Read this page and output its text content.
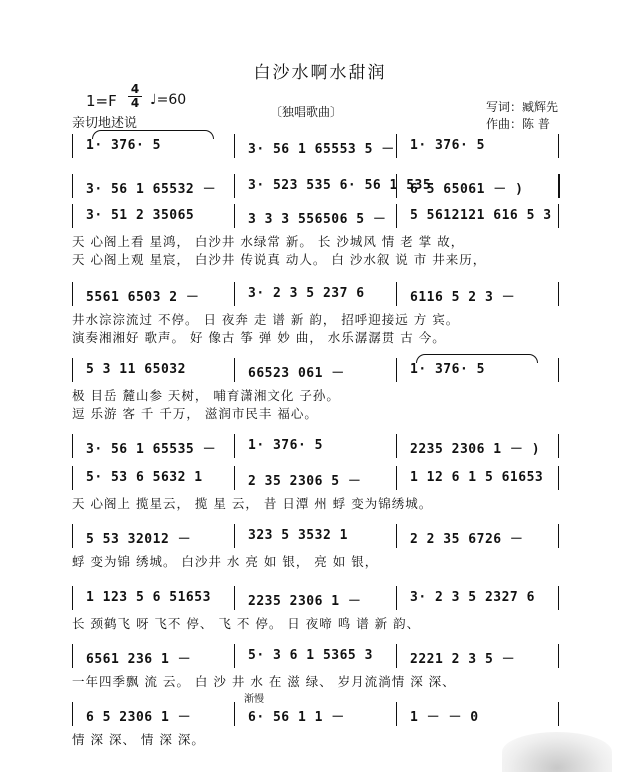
白沙水啊水甜润
1=F
4
4 ♩=60
亲切地述说
〔独唱歌曲〕	写词：臧辉先
作曲：陈 普
1· 376· 5	3· 56 1 65553 5 － 1· 376· 5
3· 56 1 65532 － 3· 523 535 6· 56 1 535
6 5 65061 － )
3· 51 2 35065	3 3 3 556506 5 － 5 5612121 616 5 3
天 心阁上看 星鸿， 白沙井 水绿常 新。 长 沙城风 情 老 掌 故，
天 心阁上观 星宸， 白沙井 传说真 动人。 白 沙水叙 说 市 井来历，
5561 6503 2 －	3· 2 3 5 237 6	6116 5 2 3 －
井水淙淙流过 不停。 日 夜奔 走 谱 新 韵， 招呼迎接远 方 宾。
演奏湘湘好 歌声。 好 像古 筝 弹 妙 曲， 水乐潺潺贯 古 今。
5 3 11 65032	66523 061 －	1· 376· 5
极 目岳 麓山参 天树， 哺育潇湘文化 子孙。
逗 乐游 客 千 千万， 滋润市民丰 福心。
3· 56 1 65535 － 1· 376· 5	2235 2306 1 － )
5· 53 6 5632 1	2 35 2306 5 －	1 12 6 1 5 61653
天 心阁上 揽星云， 揽 星 云， 昔 日潭 州 蜉 变为锦绣城。
5 53 32012 －	323 5 3532 1	2 2 35 6726 －
蜉 变为锦 绣城。 白沙井 水 亮 如 银， 亮 如 银，
1 123 5 6 51653	2235 2306 1 －	3· 2 3 5 2327 6
长 颈鹤飞 呀 飞不 停、 飞 不 停。 日 夜啼 鸣 谱 新 韵、
6561 236 1 －	5· 3 6 1 5365 3	2221 2 3 5 －
一年四季飘 流 云。 白 沙 井 水 在 滋 绿、 岁月流淌情 深 深、
6 5 2306 1 －	6· 56 1 1 －	1 － － 0
情 深 深、 情 深 深。
渐慢
